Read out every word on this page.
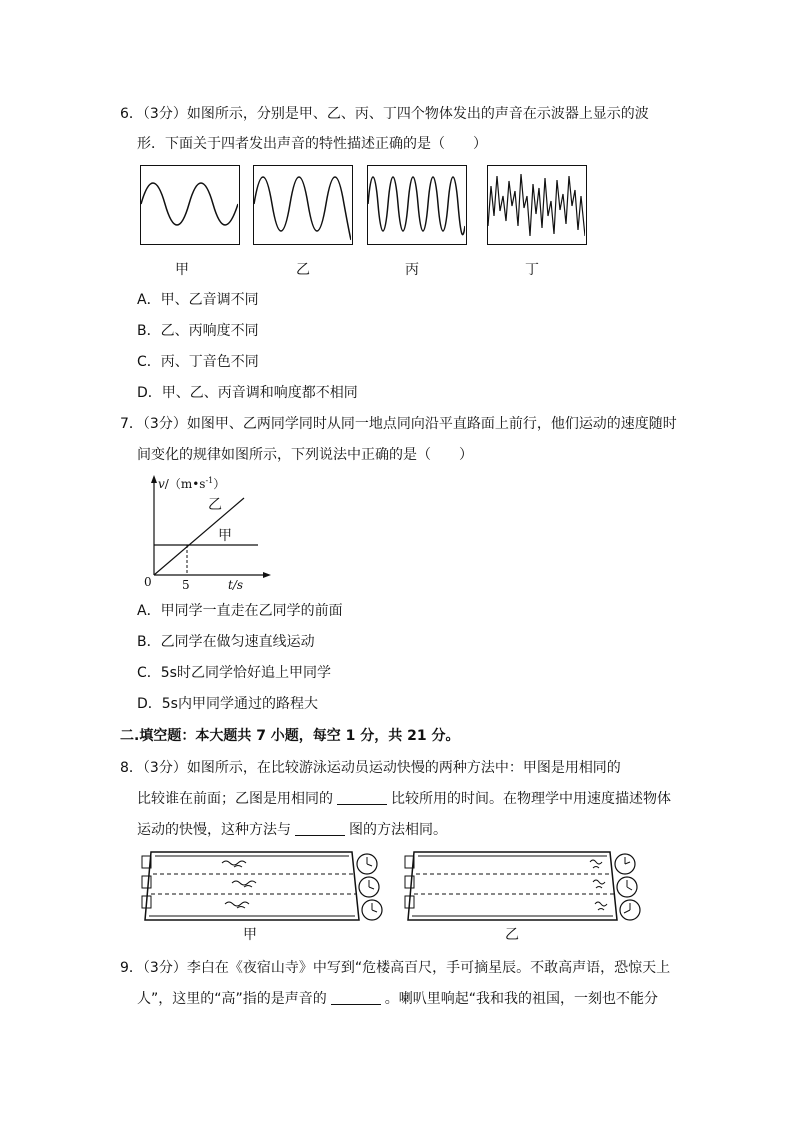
6．（3分）如图所示，分别是甲、乙、丙、丁四个物体发出的声音在示波器上显示的波
形．下面关于四者发出声音的特性描述正确的是（　　）
甲	乙	丙	丁
A．甲、乙音调不同
B．乙、丙响度不同
C．丙、丁音色不同
D．甲、乙、丙音调和响度都不相同
7．（3分）如图甲、乙两同学同时从同一地点同向沿平直路面上前行，他们运动的速度随时
间变化的规律如图所示，下列说法中正确的是（　　）
$v/(m•s^{-1})$
乙
甲
0	5	t/s
A．甲同学一直走在乙同学的前面
B．乙同学在做匀速直线运动
C．5s时乙同学恰好追上甲同学
D．5s内甲同学通过的路程大
二.填空题：本大题共 7 小题，每空 1 分，共 21 分。
8．（3分）如图所示，在比较游泳运动员运动快慢的两种方法中：甲图是用相同的
比较谁在前面；乙图是用相同的	比较所用的时间。在物理学中用速度描述物体
运动的快慢，这种方法与	图的方法相同。
甲	乙
9．（3分）李白在《夜宿山寺》中写到“危楼高百尺，手可摘星辰。不敢高声语，恐惊天上
人”，这里的“高”指的是声音的	。喇叭里响起“我和我的祖国，一刻也不能分
